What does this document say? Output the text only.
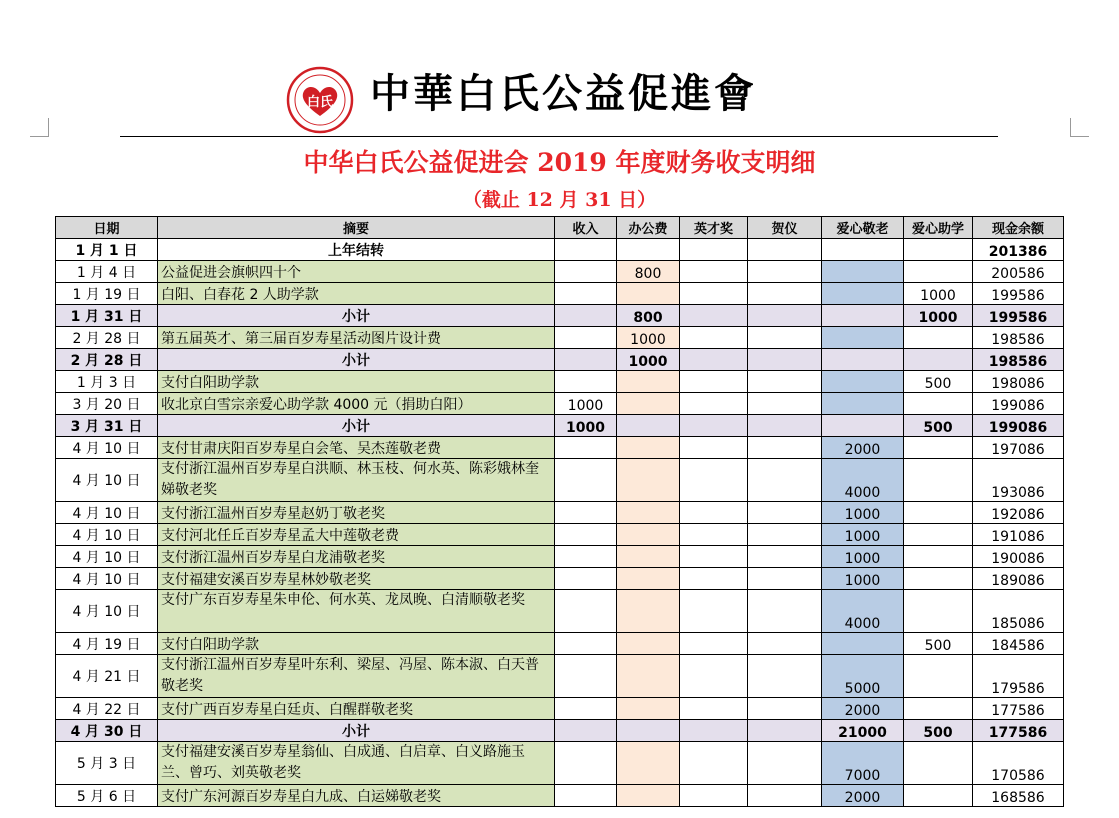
白氏 中華白氏公益促進會
中华白氏公益促进会 2019 年度财务收支明细
（截止 12 月 31 日）
日期	摘要	收入	办公费	英才奖	贺仪	爱心敬老	爱心助学	现金余额
1 月 1 日	上年结转							201386
1 月 4 日	公益促进会旗帜四十个		800					200586
1 月 19 日	白阳、白春花 2 人助学款						1000	199586
1 月 31 日	小计		800				1000	199586
2 月 28 日	第五届英才、第三届百岁寿星活动图片设计费		1000					198586
2 月 28 日	小计		1000					198586
1 月 3 日	支付白阳助学款						500	198086
3 月 20 日	收北京白雪宗亲爱心助学款 4000 元（捐助白阳）	1000						199086
3 月 31 日	小计	1000					500	199086
4 月 10 日	支付甘肃庆阳百岁寿星白会笔、吴杰莲敬老费					2000		197086
4 月 10 日	支付浙江温州百岁寿星白洪顺、林玉枝、何水英、陈彩娥林奎娣敬老奖					4000		193086
4 月 10 日	支付浙江温州百岁寿星赵奶丁敬老奖					1000		192086
4 月 10 日	支付河北任丘百岁寿星孟大中莲敬老费					1000		191086
4 月 10 日	支付浙江温州百岁寿星白龙浦敬老奖					1000		190086
4 月 10 日	支付福建安溪百岁寿星林妙敬老奖					1000		189086
4 月 10 日	支付广东百岁寿星朱申伦、何水英、龙凤晚、白清顺敬老奖					4000		185086
4 月 19 日	支付白阳助学款						500	184586
4 月 21 日	支付浙江温州百岁寿星叶东利、梁屋、冯屋、陈本淑、白天普敬老奖					5000		179586
4 月 22 日	支付广西百岁寿星白廷贞、白醒群敬老奖					2000		177586
4 月 30 日	小计					21000	500	177586
5 月 3 日	支付福建安溪百岁寿星翁仙、白成通、白启章、白义路施玉兰、曾巧、刘英敬老奖					7000		170586
5 月 6 日	支付广东河源百岁寿星白九成、白运娣敬老奖					2000		168586
